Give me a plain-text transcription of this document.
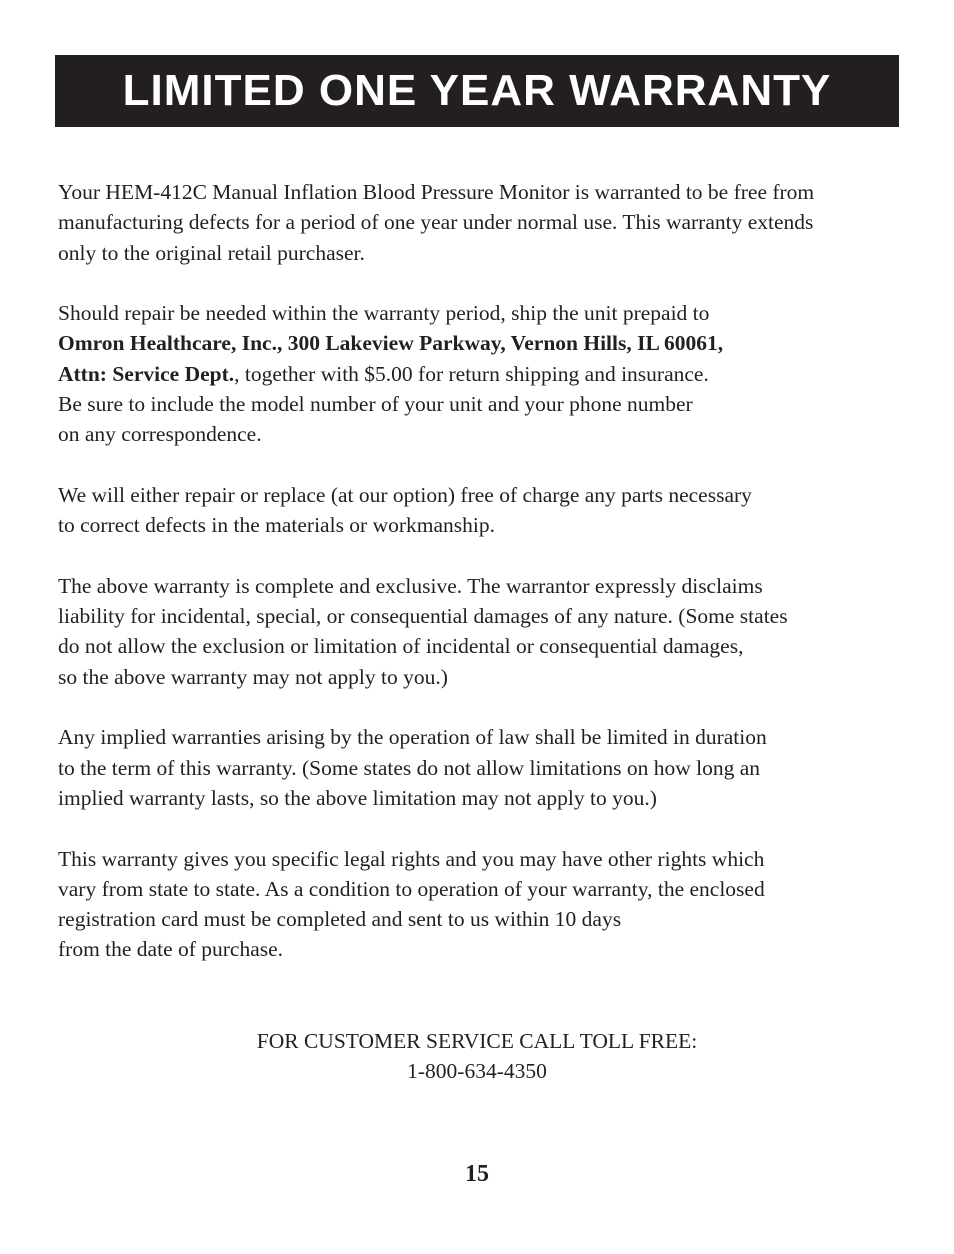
LIMITED ONE YEAR WARRANTY

Your HEM-412C Manual Inflation Blood Pressure Monitor is warranted to be free from
manufacturing defects for a period of one year under normal use. This warranty extends
only to the original retail purchaser.

Should repair be needed within the warranty period, ship the unit prepaid to
Omron Healthcare, Inc., 300 Lakeview Parkway, Vernon Hills, IL 60061,
Attn: Service Dept., together with $5.00 for return shipping and insurance.
Be sure to include the model number of your unit and your phone number
on any correspondence.

We will either repair or replace (at our option) free of charge any parts necessary
to correct defects in the materials or workmanship.

The above warranty is complete and exclusive. The warrantor expressly disclaims
liability for incidental, special, or consequential damages of any nature. (Some states
do not allow the exclusion or limitation of incidental or consequential damages,
so the above warranty may not apply to you.)

Any implied warranties arising by the operation of law shall be limited in duration
to the term of this warranty. (Some states do not allow limitations on how long an
implied warranty lasts, so the above limitation may not apply to you.)

This warranty gives you specific legal rights and you may have other rights which
vary from state to state. As a condition to operation of your warranty, the enclosed
registration card must be completed and sent to us within 10 days
from the date of purchase.

FOR CUSTOMER SERVICE CALL TOLL FREE:
1-800-634-4350
15
